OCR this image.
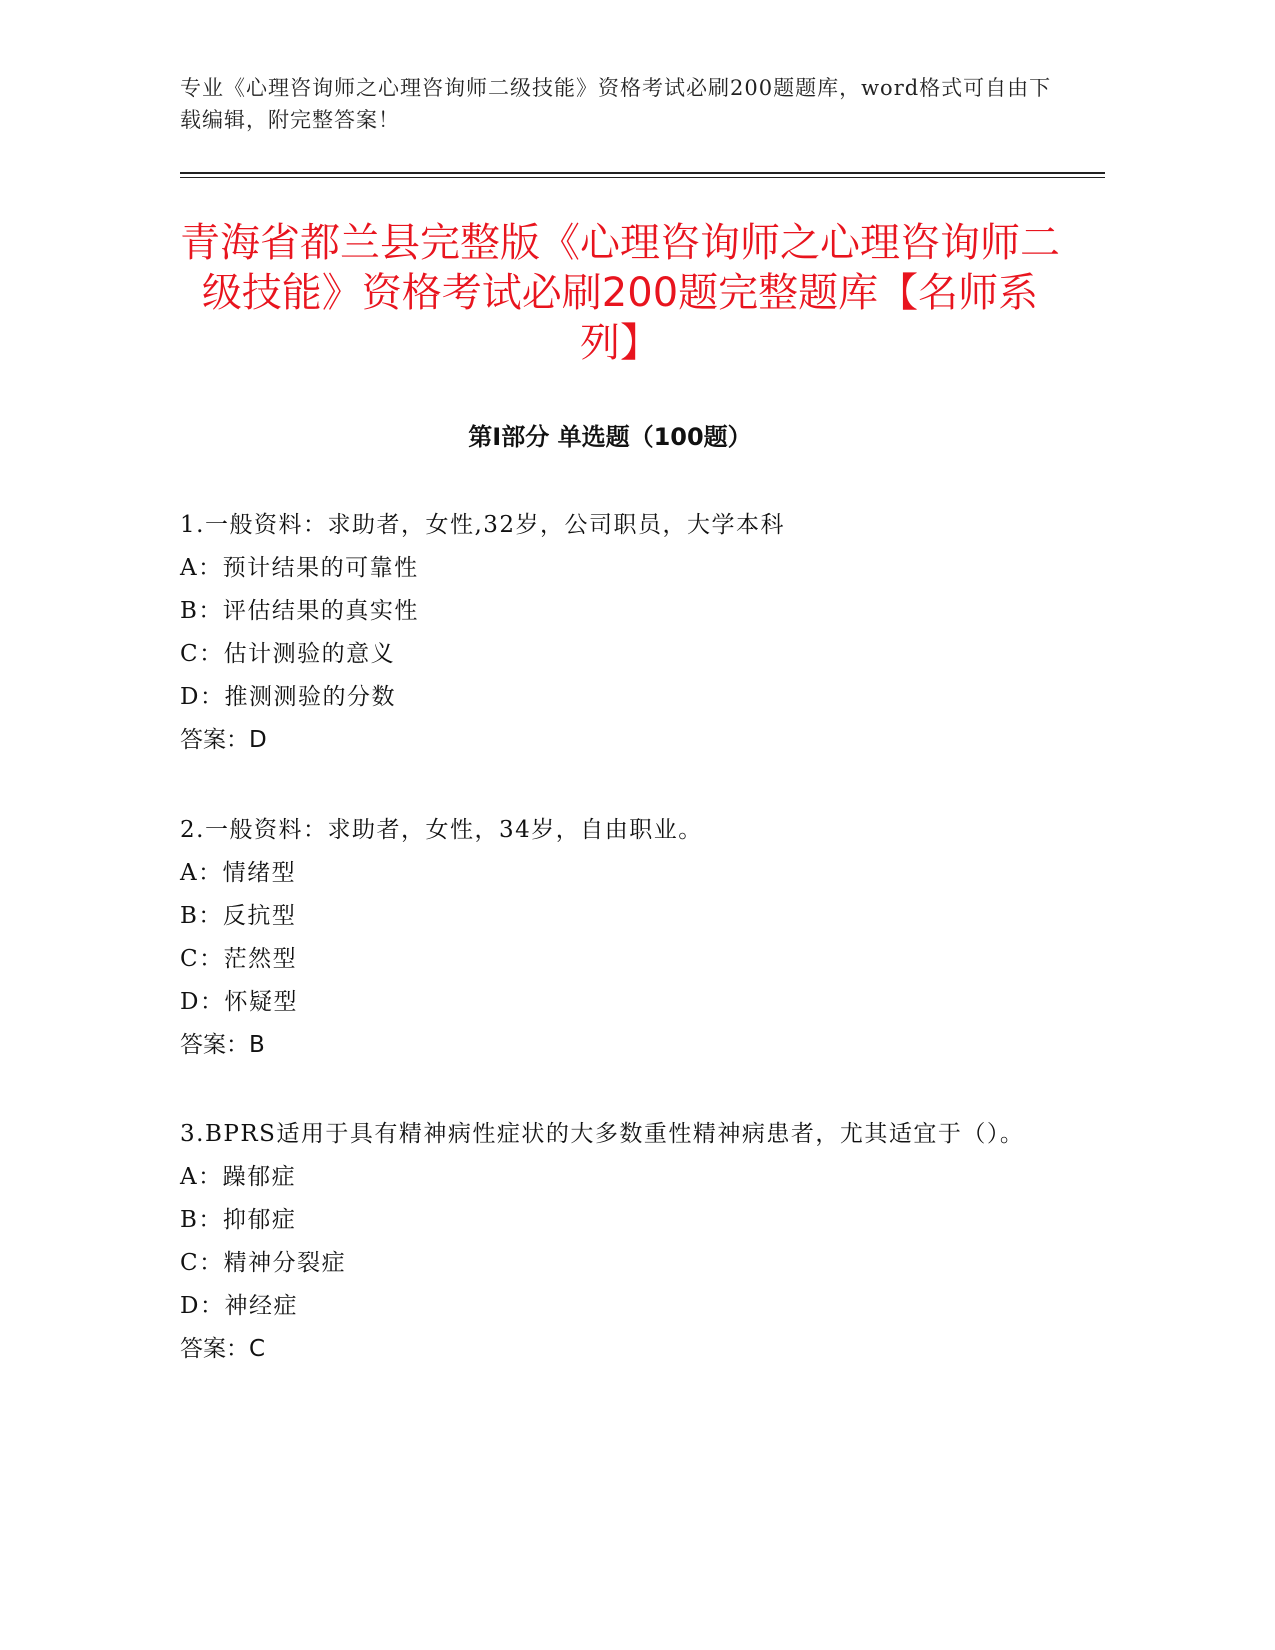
专业《心理咨询师之心理咨询师二级技能》资格考试必刷200题题库，word格式可自由下载编辑，附完整答案！
青海省都兰县完整版《心理咨询师之心理咨询师二级技能》资格考试必刷200题完整题库【名师系列】
第Ⅰ部分 单选题（100题）
1.一般资料：求助者，女性,32岁，公司职员，大学本科
A：预计结果的可靠性
B：评估结果的真实性
C：估计测验的意义
D：推测测验的分数
答案：D
2.一般资料：求助者，女性，34岁，自由职业。
A：情绪型
B：反抗型
C：茫然型
D：怀疑型
答案：B
3.BPRS适用于具有精神病性症状的大多数重性精神病患者，尤其适宜于（）。
A：躁郁症
B：抑郁症
C：精神分裂症
D：神经症
答案：C
